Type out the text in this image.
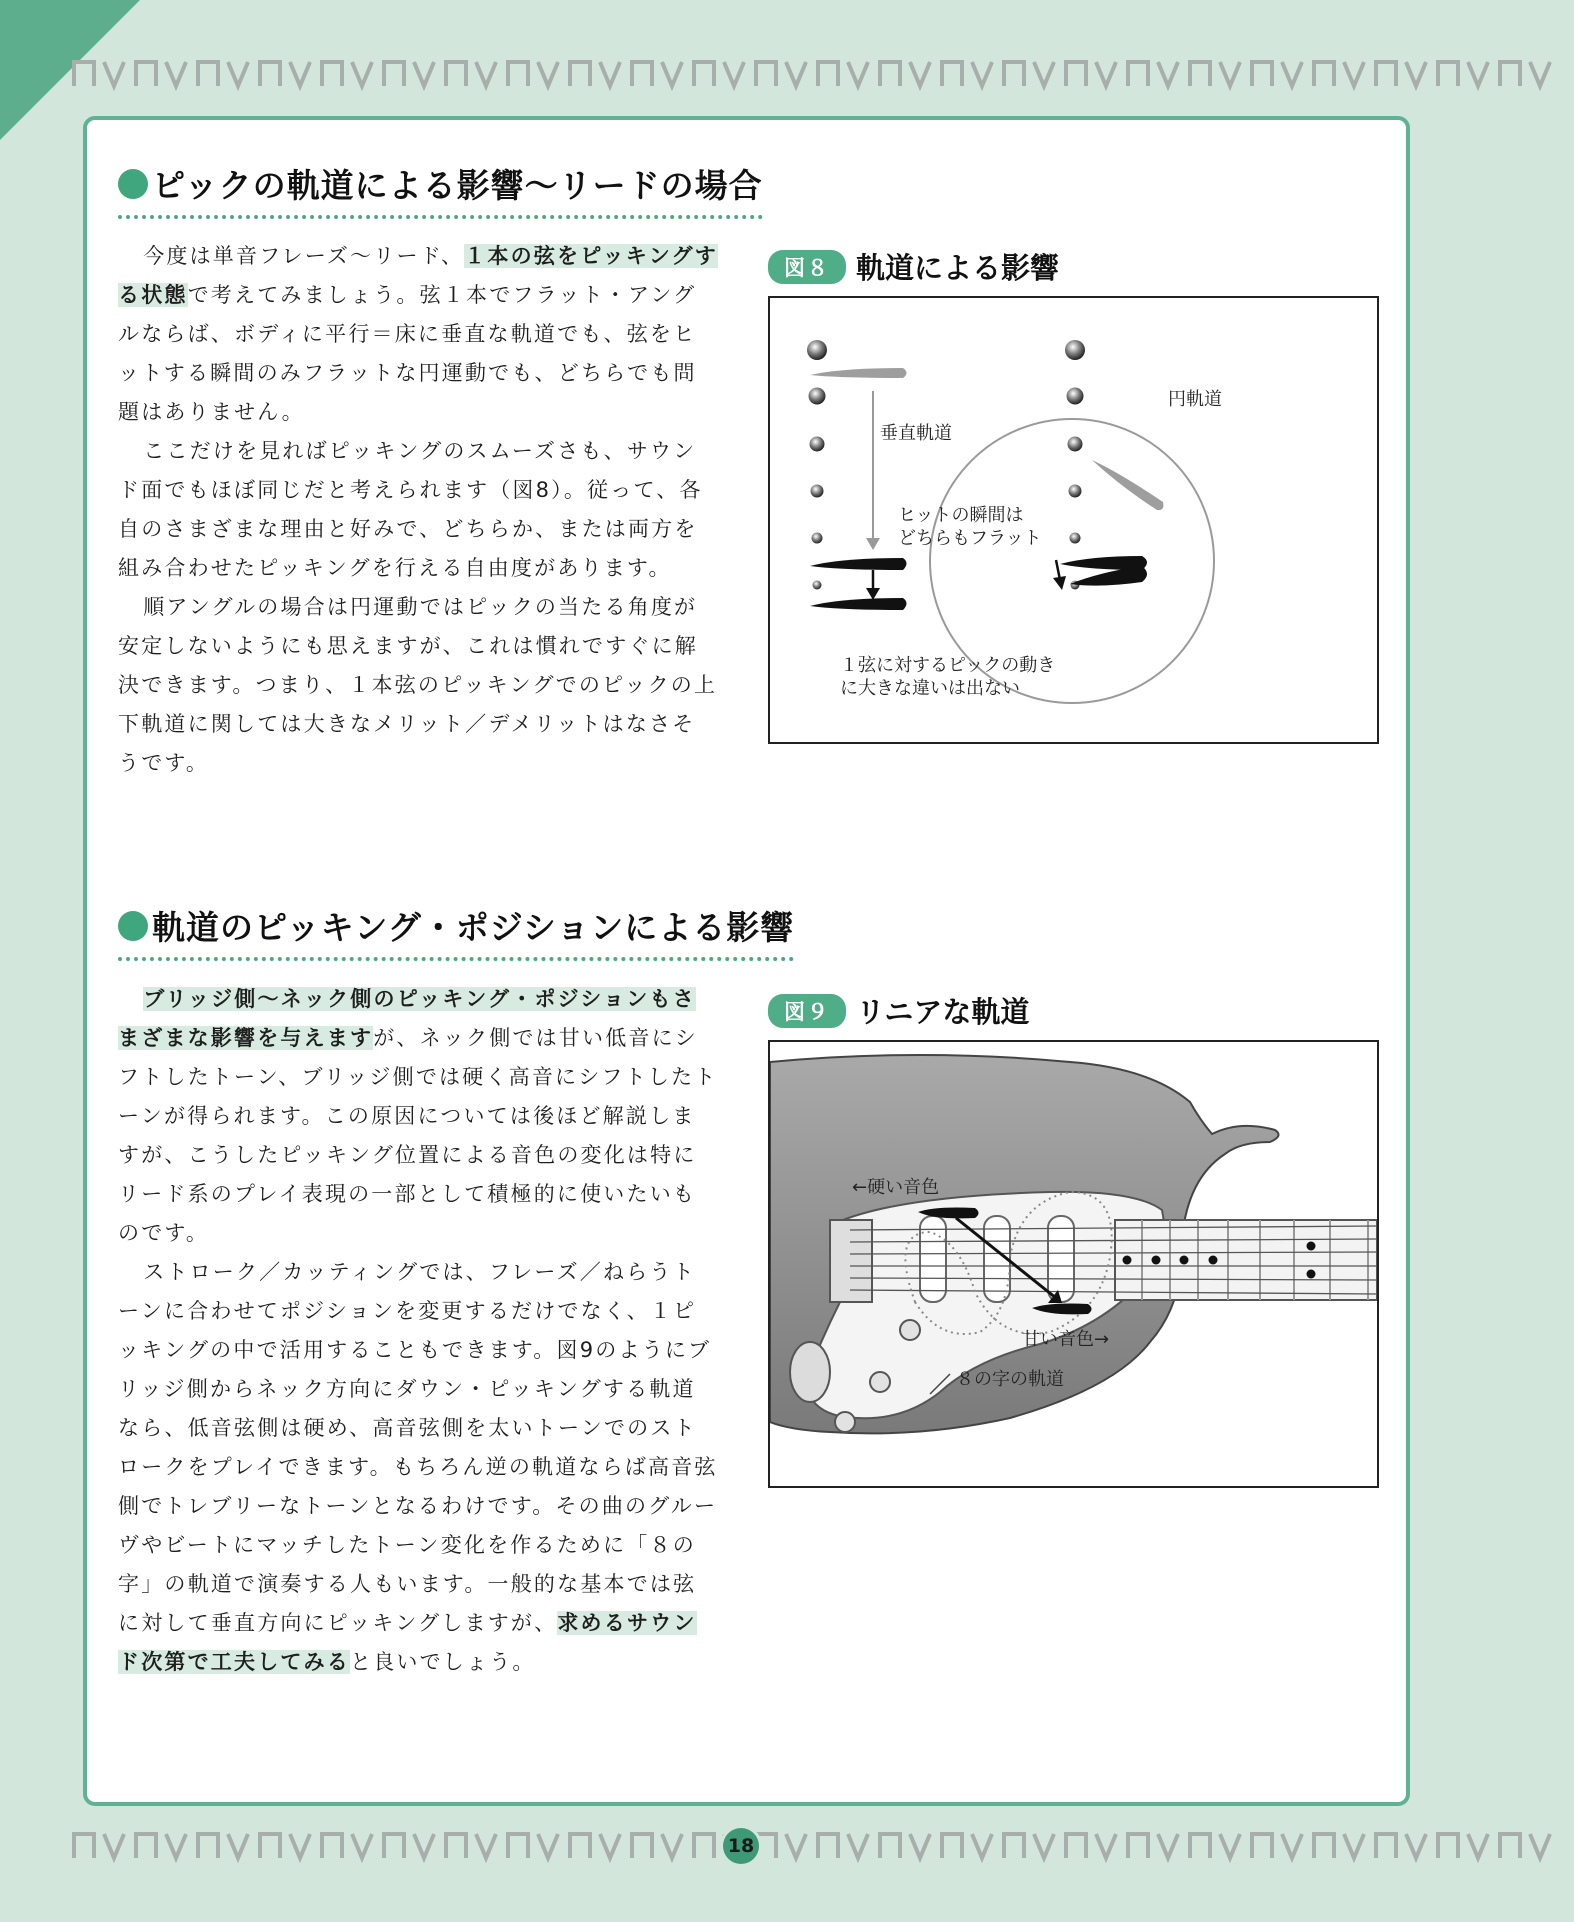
18
ピックの軌道による影響～リードの場合

今度は単音フレーズ～リード、１本の弦をピッキングする状態で考えてみましょう。弦１本でフラット・アングルならば、ボディに平行＝床に垂直な軌道でも、弦をヒットする瞬間のみフラットな円運動でも、どちらでも問題はありません。

ここだけを見ればピッキングのスムーズさも、サウンド面でもほぼ同じだと考えられます（図8）。従って、各自のさまざまな理由と好みで、どちらか、または両方を組み合わせたピッキングを行える自由度があります。

順アングルの場合は円運動ではピックの当たる角度が安定しないようにも思えますが、これは慣れですぐに解決できます。つまり、１本弦のピッキングでのピックの上下軌道に関しては大きなメリット／デメリットはなさそうです。

図８ 軌道による影響
垂直軌道
円軌道
ヒットの瞬間は
どちらもフラット
１弦に対するピックの動き
に大きな違いは出ない
軌道のピッキング・ポジションによる影響

ブリッジ側～ネック側のピッキング・ポジションもさまざまな影響を与えますが、ネック側では甘い低音にシフトしたトーン、ブリッジ側では硬く高音にシフトしたトーンが得られます。この原因については後ほど解説しますが、こうしたピッキング位置による音色の変化は特にリード系のプレイ表現の一部として積極的に使いたいものです。

ストローク／カッティングでは、フレーズ／ねらうトーンに合わせてポジションを変更するだけでなく、１ピッキングの中で活用することもできます。図9のようにブリッジ側からネック方向にダウン・ピッキングする軌道なら、低音弦側は硬め、高音弦側を太いトーンでのストロークをプレイできます。もちろん逆の軌道ならば高音弦側でトレブリーなトーンとなるわけです。その曲のグルーヴやビートにマッチしたトーン変化を作るために「８の字」の軌道で演奏する人もいます。一般的な基本では弦に対して垂直方向にピッキングしますが、求めるサウンド次第で工夫してみると良いでしょう。

図９ リニアな軌道
←硬い音色
甘い音色→
８の字の軌道
